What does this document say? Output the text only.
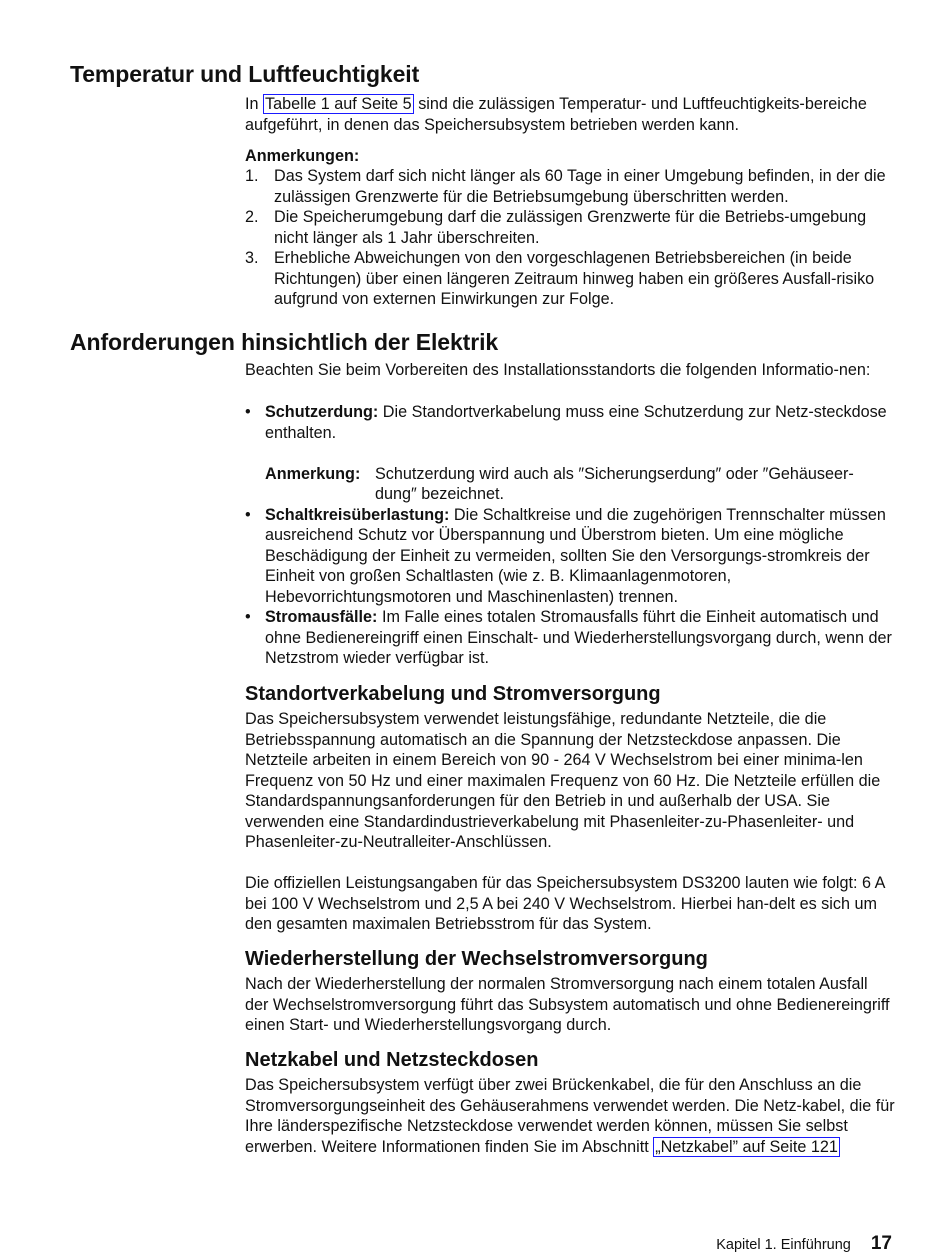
Temperatur und Luftfeuchtigkeit

In Tabelle 1 auf Seite 5 sind die zulässigen Temperatur- und Luftfeuchtigkeits-bereiche aufgeführt, in denen das Speichersubsystem betrieben werden kann.

Anmerkungen:
1. Das System darf sich nicht länger als 60 Tage in einer Umgebung befinden, in der die zulässigen Grenzwerte für die Betriebsumgebung überschritten werden.
2. Die Speicherumgebung darf die zulässigen Grenzwerte für die Betriebs-umgebung nicht länger als 1 Jahr überschreiten.
3. Erhebliche Abweichungen von den vorgeschlagenen Betriebsbereichen (in beide Richtungen) über einen längeren Zeitraum hinweg haben ein größeres Ausfall-risiko aufgrund von externen Einwirkungen zur Folge.
Anforderungen hinsichtlich der Elektrik
Beachten Sie beim Vorbereiten des Installationsstandorts die folgenden Informatio-nen:
• Schutzerdung: Die Standortverkabelung muss eine Schutzerdung zur Netz-steckdose enthalten.
Anmerkung: Schutzerdung wird auch als ″Sicherungserdung″ oder ″Gehäuseer-dung″ bezeichnet.
• Schaltkreisüberlastung: Die Schaltkreise und die zugehörigen Trennschalter müssen ausreichend Schutz vor Überspannung und Überstrom bieten. Um eine mögliche Beschädigung der Einheit zu vermeiden, sollten Sie den Versorgungs-stromkreis der Einheit von großen Schaltlasten (wie z. B. Klimaanlagenmotoren, Hebevorrichtungsmotoren und Maschinenlasten) trennen.
• Stromausfälle: Im Falle eines totalen Stromausfalls führt die Einheit automatisch und ohne Bedienereingriff einen Einschalt- und Wiederherstellungsvorgang durch, wenn der Netzstrom wieder verfügbar ist.
Standortverkabelung und Stromversorgung
Das Speichersubsystem verwendet leistungsfähige, redundante Netzteile, die die Betriebsspannung automatisch an die Spannung der Netzsteckdose anpassen. Die Netzteile arbeiten in einem Bereich von 90 - 264 V Wechselstrom bei einer minima-len Frequenz von 50 Hz und einer maximalen Frequenz von 60 Hz. Die Netzteile erfüllen die Standardspannungsanforderungen für den Betrieb in und außerhalb der USA. Sie verwenden eine Standardindustrieverkabelung mit Phasenleiter-zu-Phasenleiter- und Phasenleiter-zu-Neutralleiter-Anschlüssen.
Die offiziellen Leistungsangaben für das Speichersubsystem DS3200 lauten wie folgt: 6 A bei 100 V Wechselstrom und 2,5 A bei 240 V Wechselstrom. Hierbei han-delt es sich um den gesamten maximalen Betriebsstrom für das System.
Wiederherstellung der Wechselstromversorgung
Nach der Wiederherstellung der normalen Stromversorgung nach einem totalen Ausfall der Wechselstromversorgung führt das Subsystem automatisch und ohne Bedienereingriff einen Start- und Wiederherstellungsvorgang durch.
Netzkabel und Netzsteckdosen

Das Speichersubsystem verfügt über zwei Brückenkabel, die für den Anschluss an die Stromversorgungseinheit des Gehäuserahmens verwendet werden. Die Netz-kabel, die für Ihre länderspezifische Netzsteckdose verwendet werden können, müssen Sie selbst erwerben. Weitere Informationen finden Sie im Abschnitt „Netzkabel” auf Seite 121

Kapitel 1. Einführung 17
